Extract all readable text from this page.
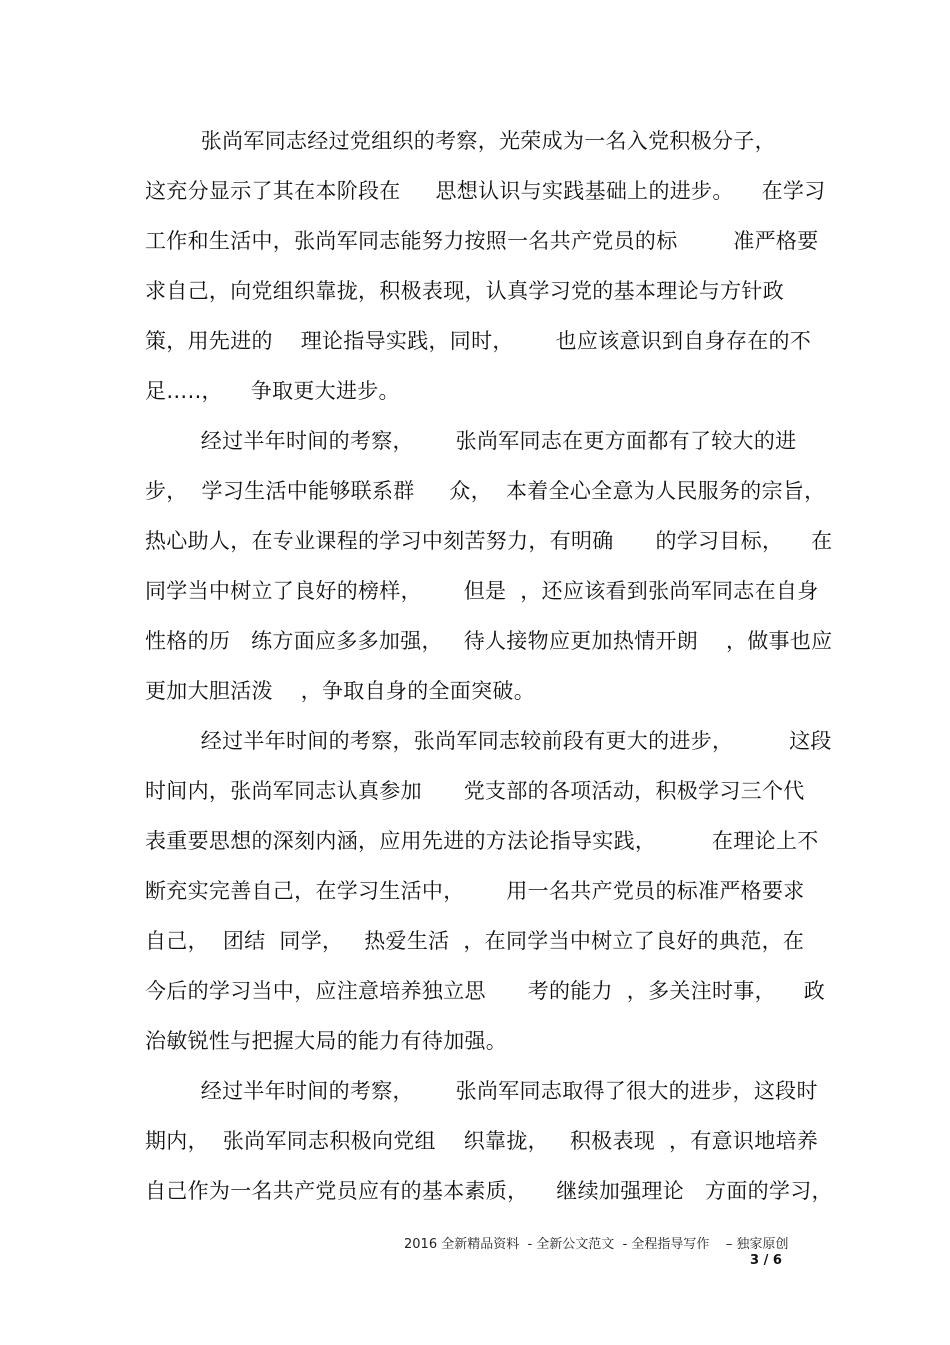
张尚军同志经过党组织的考察，光荣成为一名入党积极分子，
这充分显示了其在本阶段在     思想认识与实践基础上的进步。    在学习
工作和生活中，张尚军同志能努力按照一名共产党员的标        准严格要
求自己，向党组织靠拢，积极表现，认真学习党的基本理论与方针政
策，用先进的    理论指导实践，同时，      也应该意识到自身存在的不
足…..，    争取更大进步。
经过半年时间的考察，      张尚军同志在更方面都有了较大的进
步，  学习生活中能够联系群     众，  本着全心全意为人民服务的宗旨，
热心助人，在专业课程的学习中刻苦努力，有明确      的学习目标，    在
同学当中树立了良好的榜样，      但是  ，还应该看到张尚军同志在自身
性格的历   练方面应多多加强，   待人接物应更加热情开朗    ，做事也应
更加大胆活泼    ，争取自身的全面突破。
经过半年时间的考察，张尚军同志较前段有更大的进步，        这段
时间内，张尚军同志认真参加      党支部的各项活动，积极学习三个代
表重要思想的深刻内涵，应用先进的方法论指导实践，        在理论上不
断充实完善自己，在学习生活中，      用一名共产党员的标准严格要求
自己，  团结  同学，   热爱生活  ，在同学当中树立了良好的典范，在
今后的学习当中，应注意培养独立思      考的能力  ，多关注时事，    政
治敏锐性与把握大局的能力有待加强。
经过半年时间的考察，      张尚军同志取得了很大的进步，这段时
期内，  张尚军同志积极向党组    织靠拢，   积极表现  ，有意识地培养
自己作为一名共产党员应有的基本素质，    继续加强理论   方面的学习，
2016 全新精品资料  - 全新公文范文  - 全程指导写作    – 独家原创
3 / 6
